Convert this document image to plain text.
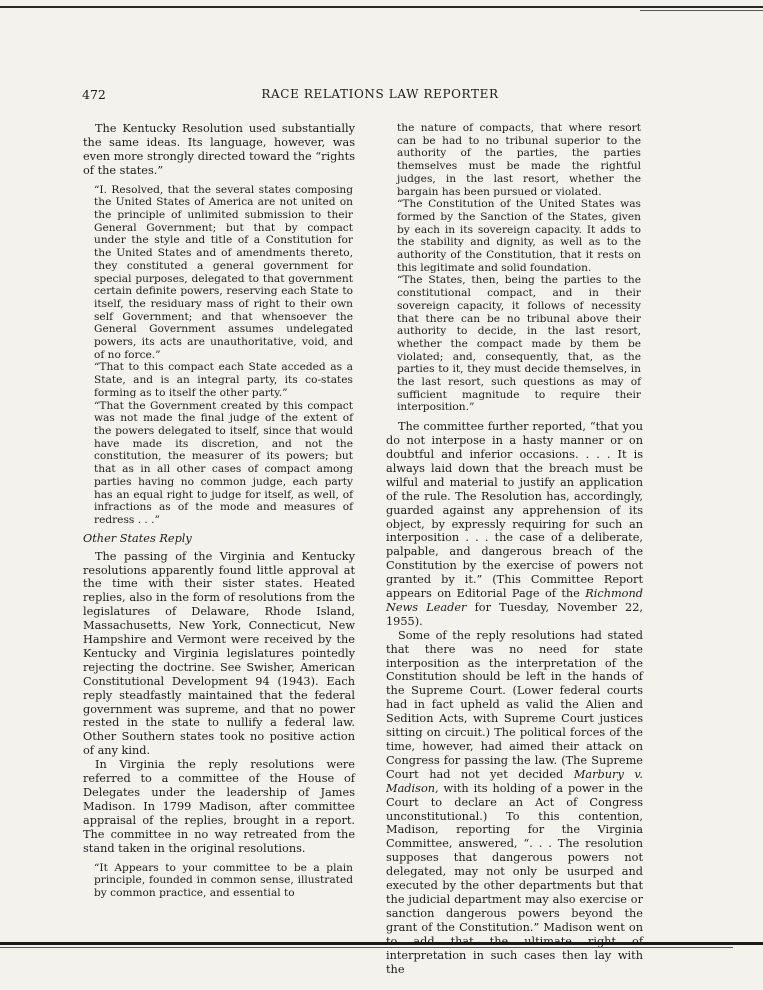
472	RACE RELATIONS LAW REPORTER

The Kentucky Resolution used substantially the same ideas. Its language, however, was even more strongly directed toward the “rights of the states.”

“I. Resolved, that the several states composing the United States of America are not united on the principle of unlimited submission to their General Government; but that by compact under the style and title of a Constitution for the United States and of amendments thereto, they constituted a general government for special purposes, delegated to that government certain definite powers, reserving each State to itself, the residuary mass of right to their own self Government; and that whensoever the General Government assumes undelegated powers, its acts are unauthoritative, void, and of no force.”

“That to this compact each State acceded as a State, and is an integral party, its co-states forming as to itself the other party.”

“That the Government created by this compact was not made the final judge of the extent of the powers delegated to itself, since that would have made its discretion, and not the constitution, the measurer of its powers; but that as in all other cases of compact among parties having no common judge, each party has an equal right to judge for itself, as well, of infractions as of the mode and measures of redress . . .”

Other States Reply

The passing of the Virginia and Kentucky resolutions apparently found little approval at the time with their sister states. Heated replies, also in the form of resolutions from the legislatures of Delaware, Rhode Island, Massachusetts, New York, Connecticut, New Hampshire and Vermont were received by the Kentucky and Virginia legislatures pointedly rejecting the doctrine. See Swisher, American Constitutional Development 94 (1943). Each reply steadfastly maintained that the federal government was supreme, and that no power rested in the state to nullify a federal law. Other Southern states took no positive action of any kind.

In Virginia the reply resolutions were referred to a committee of the House of Delegates under the leadership of James Madison. In 1799 Madison, after committee appraisal of the replies, brought in a report. The committee in no way retreated from the stand taken in the original resolutions.

“It Appears to your committee to be a plain principle, founded in common sense, illustrated by common practice, and essential to

the nature of compacts, that where resort can be had to no tribunal superior to the authority of the parties, the parties themselves must be made the rightful judges, in the last resort, whether the bargain has been pursued or violated.

“The Constitution of the United States was formed by the Sanction of the States, given by each in its sovereign capacity. It adds to the stability and dignity, as well as to the authority of the Constitution, that it rests on this legitimate and solid foundation.

“The States, then, being the parties to the constitutional compact, and in their sovereign capacity, it follows of necessity that there can be no tribunal above their authority to decide, in the last resort, whether the compact made by them be violated; and, consequently, that, as the parties to it, they must decide themselves, in the last resort, such questions as may of sufficient magnitude to require their interposition.”

The committee further reported, “that you do not interpose in a hasty manner or on doubtful and inferior occasions. . . . It is always laid down that the breach must be wilful and material to justify an application of the rule. The Resolution has, accordingly, guarded against any apprehension of its object, by expressly requiring for such an interposition . . . the case of a deliberate, palpable, and dangerous breach of the Constitution by the exercise of powers not granted by it.” (This Committee Report appears on Editorial Page of the Richmond News Leader for Tuesday, November 22, 1955).

Some of the reply resolutions had stated that there was no need for state interposition as the interpretation of the Constitution should be left in the hands of the Supreme Court. (Lower federal courts had in fact upheld as valid the Alien and Sedition Acts, with Supreme Court justices sitting on circuit.) The political forces of the time, however, had aimed their attack on Congress for passing the law. (The Supreme Court had not yet decided Marbury v. Madison, with its holding of a power in the Court to declare an Act of Congress unconstitutional.) To this contention, Madison, reporting for the Virginia Committee, answered, “. . . The resolution supposes that dangerous powers not delegated, may not only be usurped and executed by the other departments but that the judicial department may also exercise or sanction dangerous powers beyond the grant of the Constitution.” Madison went on interpretation in such cases then lay with the
